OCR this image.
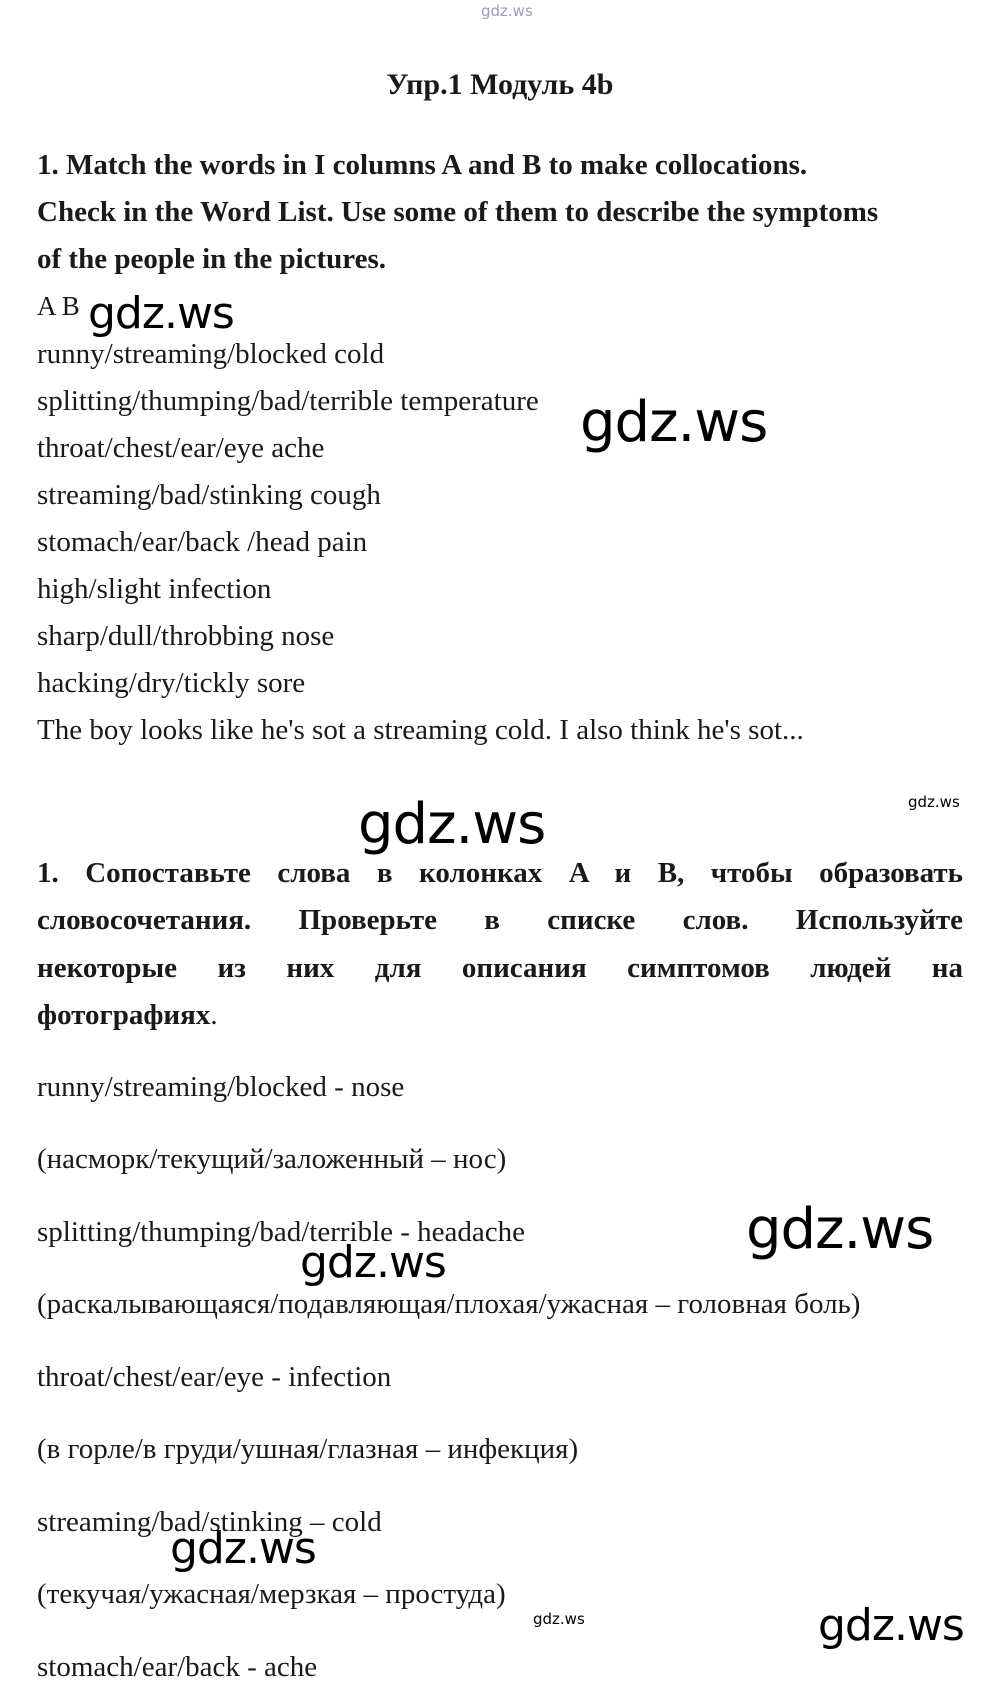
gdz.ws
Упр.1 Модуль 4b
1. Match the words in I columns A and B to make collocations.
Check in the Word List. Use some of them to describe the symptoms
of the people in the pictures.
A B
runny/streaming/blocked cold
splitting/thumping/bad/terrible temperature
throat/chest/ear/eye ache
streaming/bad/stinking cough
stomach/ear/back /head pain
high/slight infection
sharp/dull/throbbing nose
hacking/dry/tickly sore
The boy looks like he's sot a streaming cold. I also think he's sot...
1. Сопоставьте слова в колонках A и B, чтобы образовать
словосочетания. Проверьте в списке слов. Используйте
некоторые из них для описания симптомов людей на
фотографиях.
runny/streaming/blocked - nose
(насморк/текущий/заложенный – нос)
splitting/thumping/bad/terrible - headache
(раскалывающаяся/подавляющая/плохая/ужасная – головная боль)
throat/chest/ear/eye - infection
(в горле/в груди/ушная/глазная – инфекция)
streaming/bad/stinking – cold
(текучая/ужасная/мерзкая – простуда)
stomach/ear/back - ache
gdz.ws
gdz.ws
gdz.ws
gdz.ws
gdz.ws
gdz.ws
gdz.ws
gdz.ws	gdz.ws
